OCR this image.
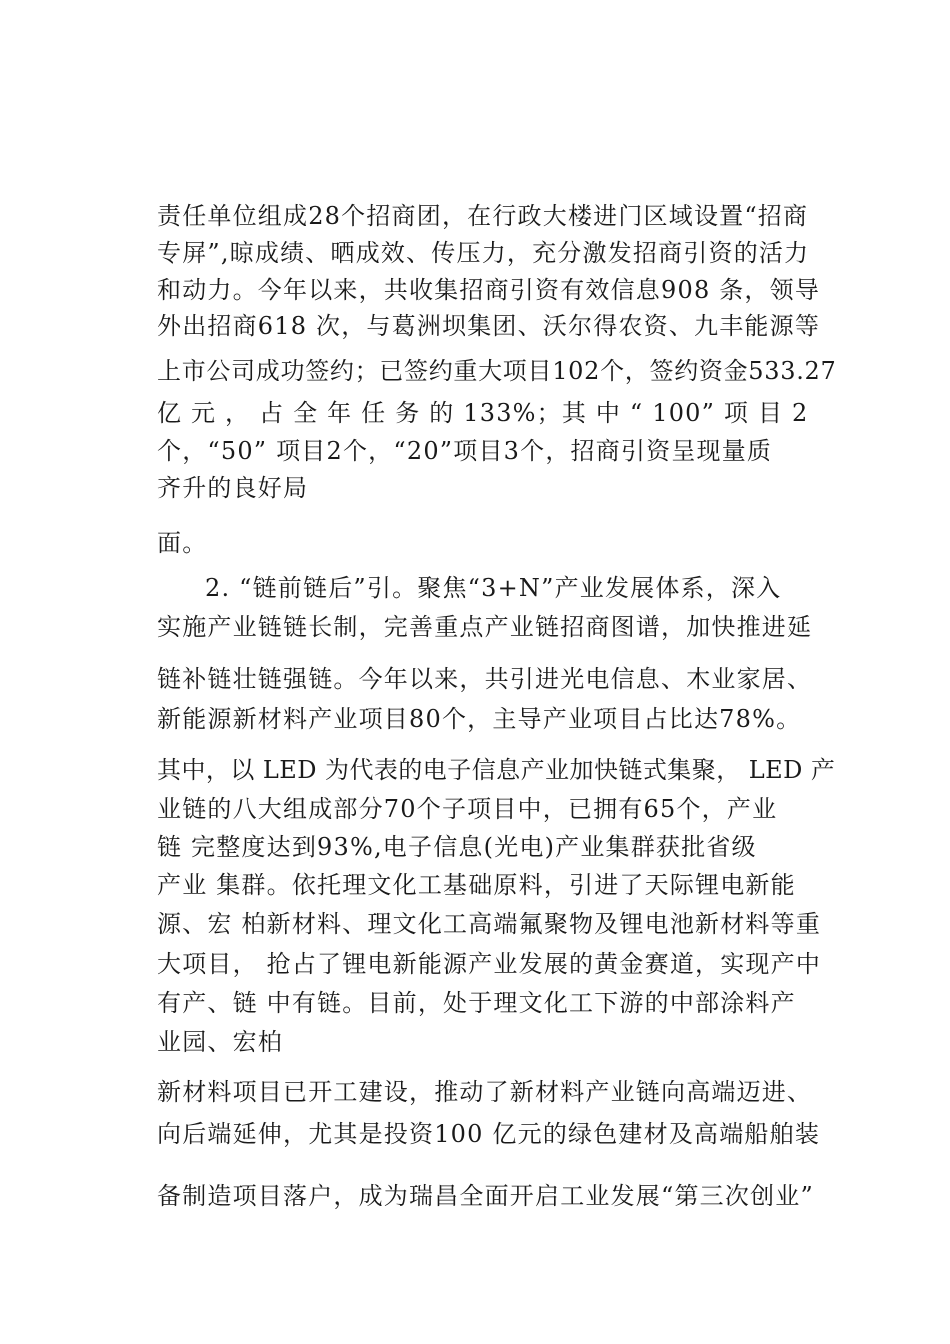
责任单位组成28个招商团，在行政大楼进门区域设置“招商
专屏”,晾成绩、晒成效、传压力，充分激发招商引资的活力
和动力。今年以来，共收集招商引资有效信息908 条，领导
外出招商618 次，与葛洲坝集团、沃尔得农资、九丰能源等
上市公司成功签约；已签约重大项目102个，签约资金533.27
亿 元 ， 占 全 年 任 务 的 133%；其 中 “ 100” 项 目 2
个，“50” 项目2个，“20”项目3个，招商引资呈现量质
齐升的良好局
面。
2. “链前链后”引。聚焦“3+N”产业发展体系，深入
实施产业链链长制，完善重点产业链招商图谱，加快推进延
链补链壮链强链。今年以来，共引进光电信息、木业家居、
新能源新材料产业项目80个，主导产业项目占比达78%。
其中，以 LED 为代表的电子信息产业加快链式集聚， LED 产
业链的八大组成部分70个子项目中，已拥有65个，产业
链 完整度达到93%,电子信息(光电)产业集群获批省级
产业 集群。依托理文化工基础原料，引进了天际锂电新能
源、宏 柏新材料、理文化工高端氟聚物及锂电池新材料等重
大项目， 抢占了锂电新能源产业发展的黄金赛道，实现产中
有产、链 中有链。目前，处于理文化工下游的中部涂料产
业园、宏柏
新材料项目已开工建设，推动了新材料产业链向高端迈进、
向后端延伸，尤其是投资100 亿元的绿色建材及高端船舶装
备制造项目落户，成为瑞昌全面开启工业发展“第三次创业”
